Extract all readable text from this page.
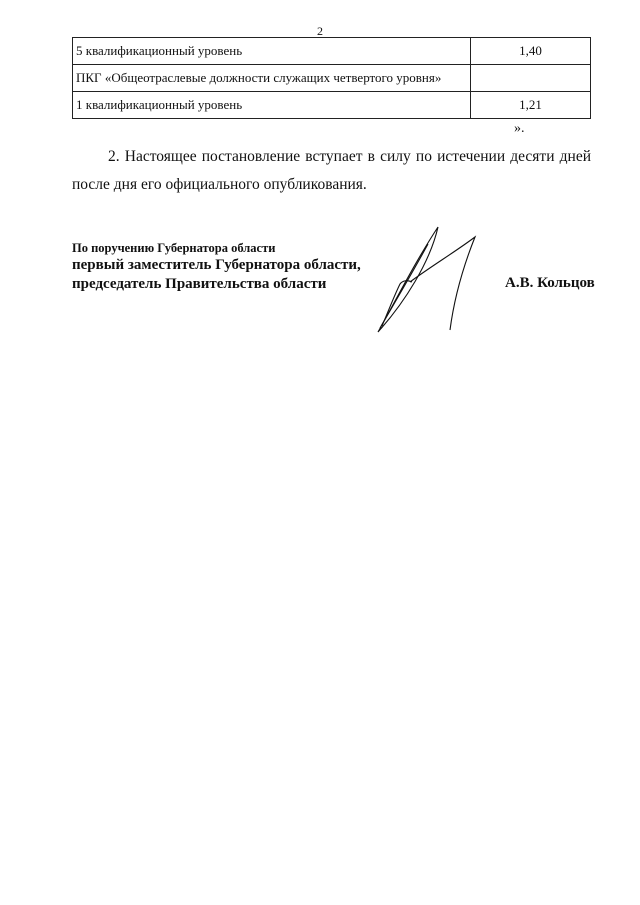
2
5 квалификационный уровень	1,40
ПКГ «Общеотраслевые должности служащих четвертого уровня»	
1 квалификационный уровень	1,21
».
2. Настоящее постановление вступает в силу по истечении десяти дней после дня его официального опубликования.
По поручению Губернатора области
первый заместитель Губернатора области,
председатель Правительства области	А.В. Кольцов
